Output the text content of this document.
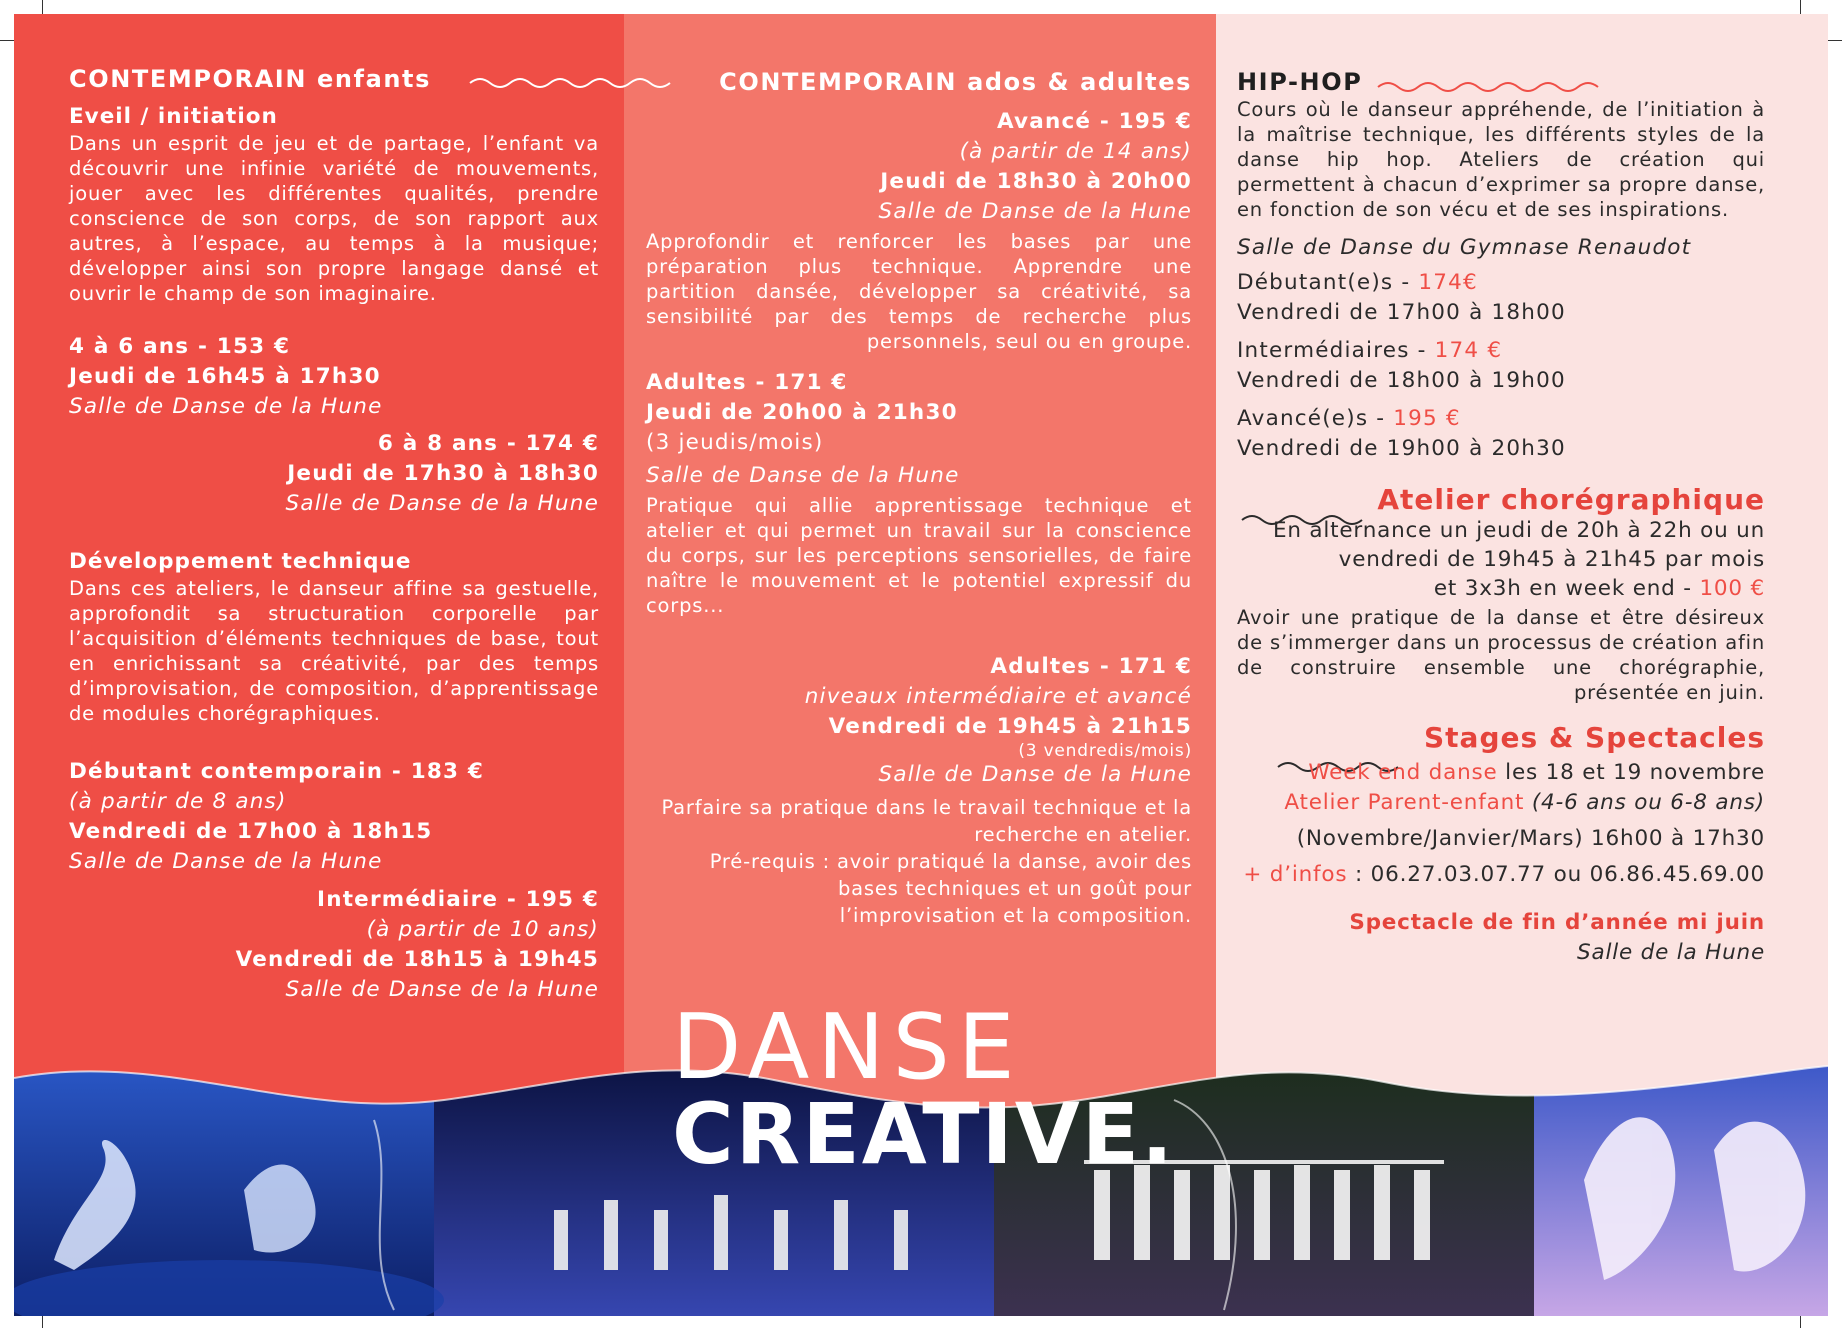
CONTEMPORAIN enfants
Eveil / initiation

Dans un esprit de jeu et de partage, l’enfant va découvrir une infinie variété de mouvements, jouer avec les différentes qualités, prendre conscience de son corps, de son rapport aux autres, à l’espace, au temps à la musique; développer ainsi son propre langage dansé et ouvrir le champ de son imaginaire.

4 à 6 ans - 153 €
Jeudi de 16h45 à 17h30
Salle de Danse de la Hune
6 à 8 ans - 174 €
Jeudi de 17h30 à 18h30
Salle de Danse de la Hune
Développement technique

Dans ces ateliers, le danseur affine sa gestuelle, approfondit sa structuration corporelle par l’acquisition d’éléments techniques de base, tout en enrichissant sa créativité, par des temps d’improvisation, de composition, d’apprentissage de modules chorégraphiques.

Débutant contemporain - 183 €
(à partir de 8 ans)
Vendredi de 17h00 à 18h15
Salle de Danse de la Hune
Intermédiaire - 195 €
(à partir de 10 ans)
Vendredi de 18h15 à 19h45
Salle de Danse de la Hune
CONTEMPORAIN ados & adultes
Avancé - 195 €
(à partir de 14 ans)
Jeudi de 18h30 à 20h00
Salle de Danse de la Hune

Approfondir et renforcer les bases par une préparation plus technique. Apprendre une partition dansée, développer sa créativité, sa sensibilité par des temps de recherche plus personnels, seul ou en groupe.

Adultes - 171 €
Jeudi de 20h00 à 21h30
(3 jeudis/mois)
Salle de Danse de la Hune

Pratique qui allie apprentissage technique et atelier et qui permet un travail sur la conscience du corps, sur les perceptions sensorielles, de faire naître le mouvement et le potentiel expressif du corps...

Adultes - 171 €
niveaux intermédiaire et avancé
Vendredi de 19h45 à 21h15
(3 vendredis/mois)
Salle de Danse de la Hune

Parfaire sa pratique dans le travail technique et la recherche en atelier.

Pré-requis : avoir pratiqué la danse, avoir des bases techniques et un goût pour l’improvisation et la composition.

HIP-HOP

Cours où le danseur appréhende, de l’initiation à la maîtrise technique, les différents styles de la danse hip hop. Ateliers de création qui permettent à chacun d’exprimer sa propre danse, en fonction de son vécu et de ses inspirations.

Salle de Danse du Gymnase Renaudot
Débutant(e)s - 174€
Vendredi de 17h00 à 18h00
Intermédiaires - 174 €
Vendredi de 18h00 à 19h00
Avancé(e)s - 195 €
Vendredi de 19h00 à 20h30
Atelier chorégraphique
En alternance un jeudi de 20h à 22h ou un
vendredi de 19h45 à 21h45 par mois
et 3x3h en week end - 100 €

Avoir une pratique de la danse et être désireux de s’immerger dans un processus de création afin de construire ensemble une chorégraphie, présentée en juin.

Stages & Spectacles
Week end danse les 18 et 19 novembre
Atelier Parent-enfant (4-6 ans ou 6-8 ans)
(Novembre/Janvier/Mars) 16h00 à 17h30
+ d’infos : 06.27.03.07.77 ou 06.86.45.69.00
Spectacle de fin d’année mi juin
Salle de la Hune
DANSE
CREATIVE.
